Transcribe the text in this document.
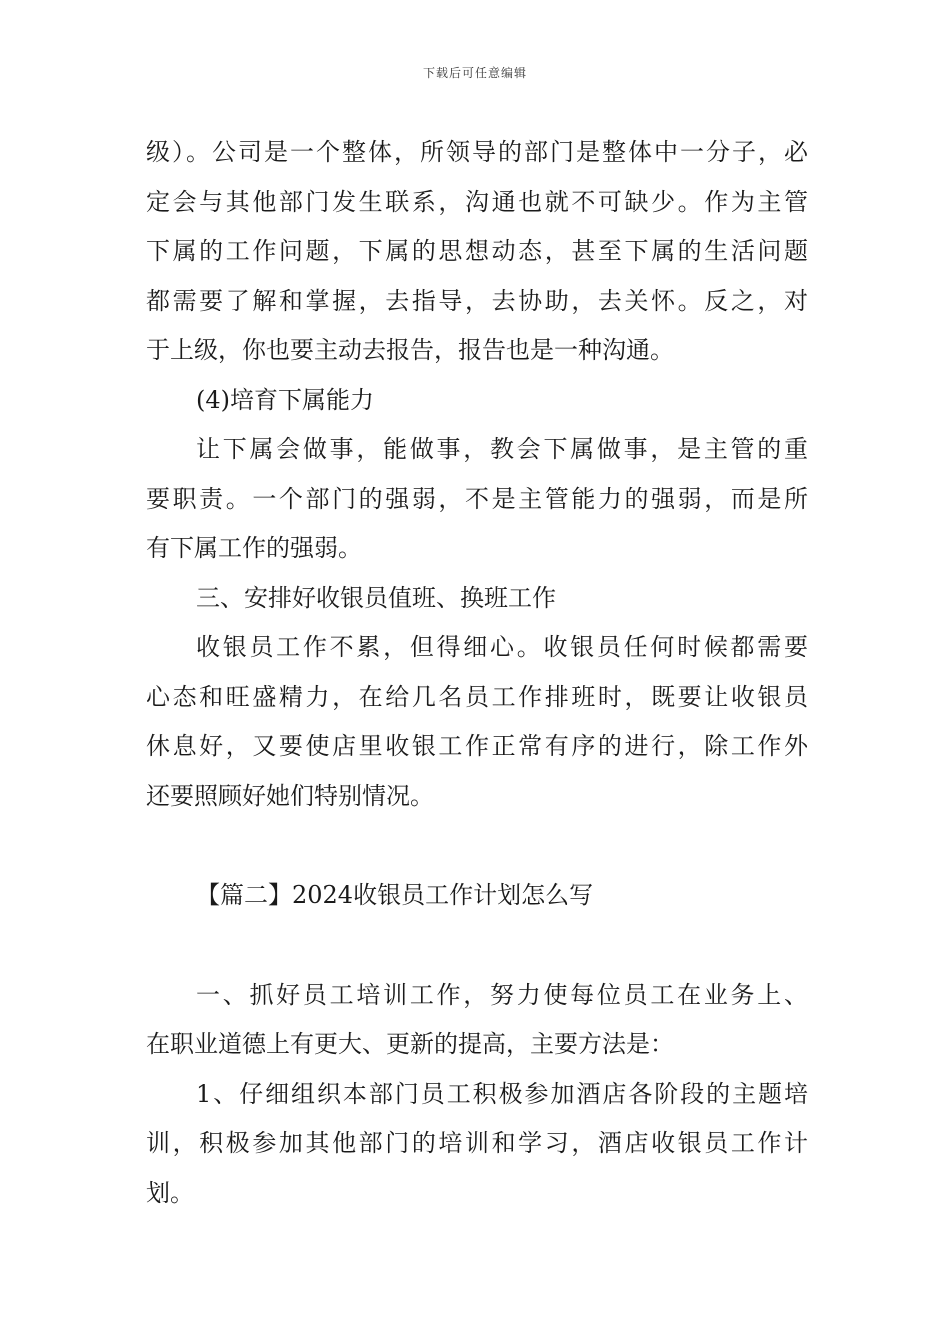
下载后可任意编辑
级）。公司是一个整体，所领导的部门是整体中一分子，必
定会与其他部门发生联系，沟通也就不可缺少。作为主管
下属的工作问题，下属的思想动态，甚至下属的生活问题
都需要了解和掌握，去指导，去协助，去关怀。反之，对
于上级，你也要主动去报告，报告也是一种沟通。
(4)培育下属能力
让下属会做事，能做事，教会下属做事，是主管的重
要职责。一个部门的强弱，不是主管能力的强弱，而是所
有下属工作的强弱。
三、安排好收银员值班、换班工作
收银员工作不累，但得细心。收银员任何时候都需要
心态和旺盛精力，在给几名员工作排班时，既要让收银员
休息好，又要使店里收银工作正常有序的进行，除工作外
还要照顾好她们特别情况。
【篇二】2024收银员工作计划怎么写
一、抓好员工培训工作，努力使每位员工在业务上、
在职业道德上有更大、更新的提高，主要方法是：
1、仔细组织本部门员工积极参加酒店各阶段的主题培
训，积极参加其他部门的培训和学习，酒店收银员工作计
划。
